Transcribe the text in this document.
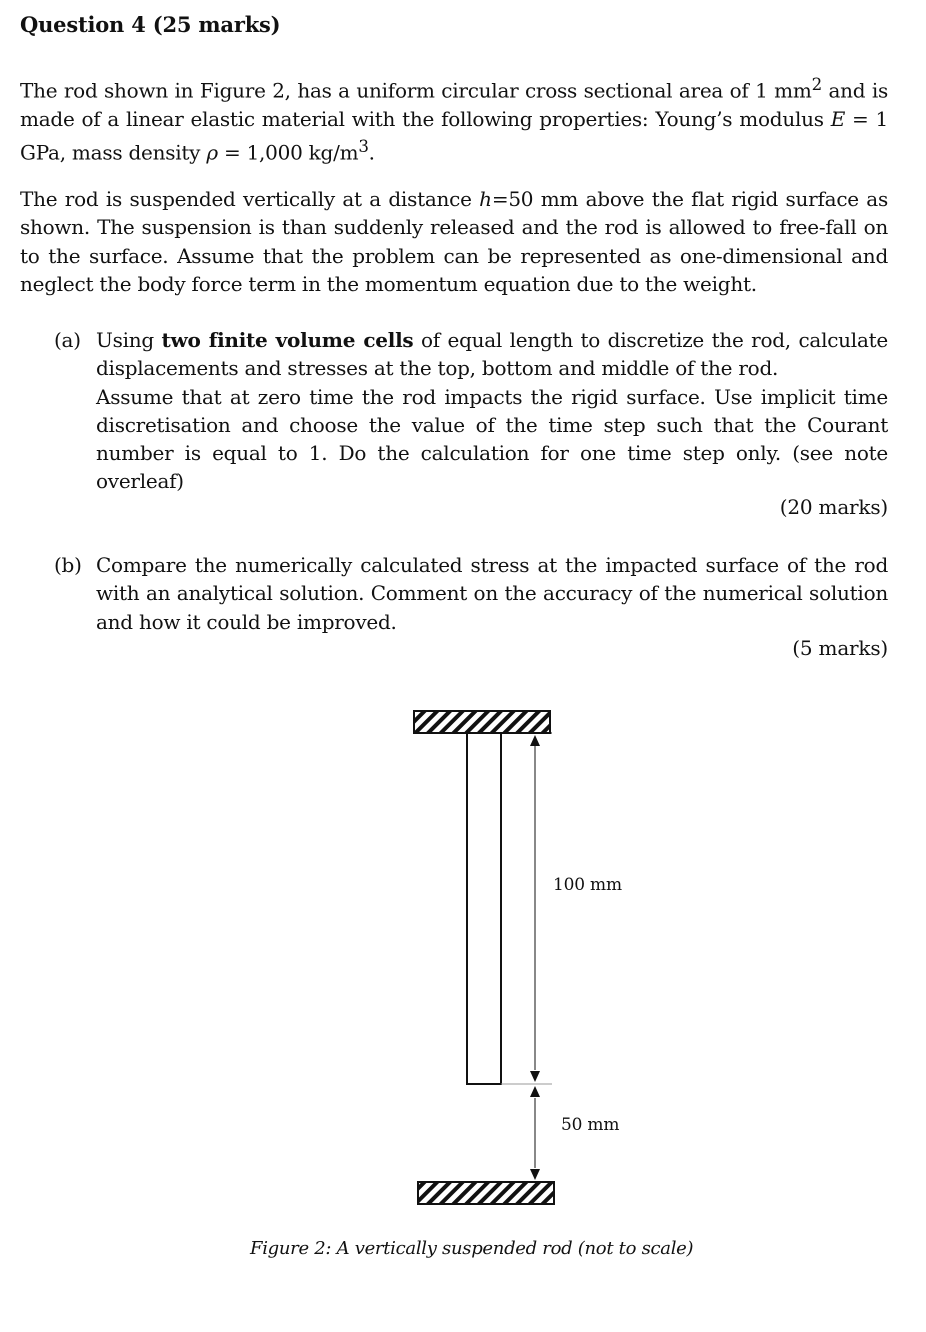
Question 4 (25 marks)
The rod shown in Figure 2, has a uniform circular cross sectional area of 1 $mm^2$ and is made of a linear elastic material with the following properties: Young’s modulus E = 1 GPa, mass density ρ = 1,000 $kg/m^3$.
The rod is suspended vertically at a distance h=50 mm above the flat rigid surface as shown. The suspension is than suddenly released and the rod is allowed to free-fall on to the surface. Assume that the problem can be represented as one-dimensional and neglect the body force term in the momentum equation due to the weight.
(a) Using two finite volume cells of equal length to discretize the rod, calculate displacements and stresses at the top, bottom and middle of the rod.
Assume that at zero time the rod impacts the rigid surface. Use implicit time discretisation and choose the value of the time step such that the Courant number is equal to 1. Do the calculation for one time step only. (see note overleaf)
(20 marks)
(b) Compare the numerically calculated stress at the impacted surface of the rod with an analytical solution. Comment on the accuracy of the numerical solution and how it could be improved.
(5 marks)
100 mm
50 mm
Figure 2: A vertically suspended rod (not to scale)
